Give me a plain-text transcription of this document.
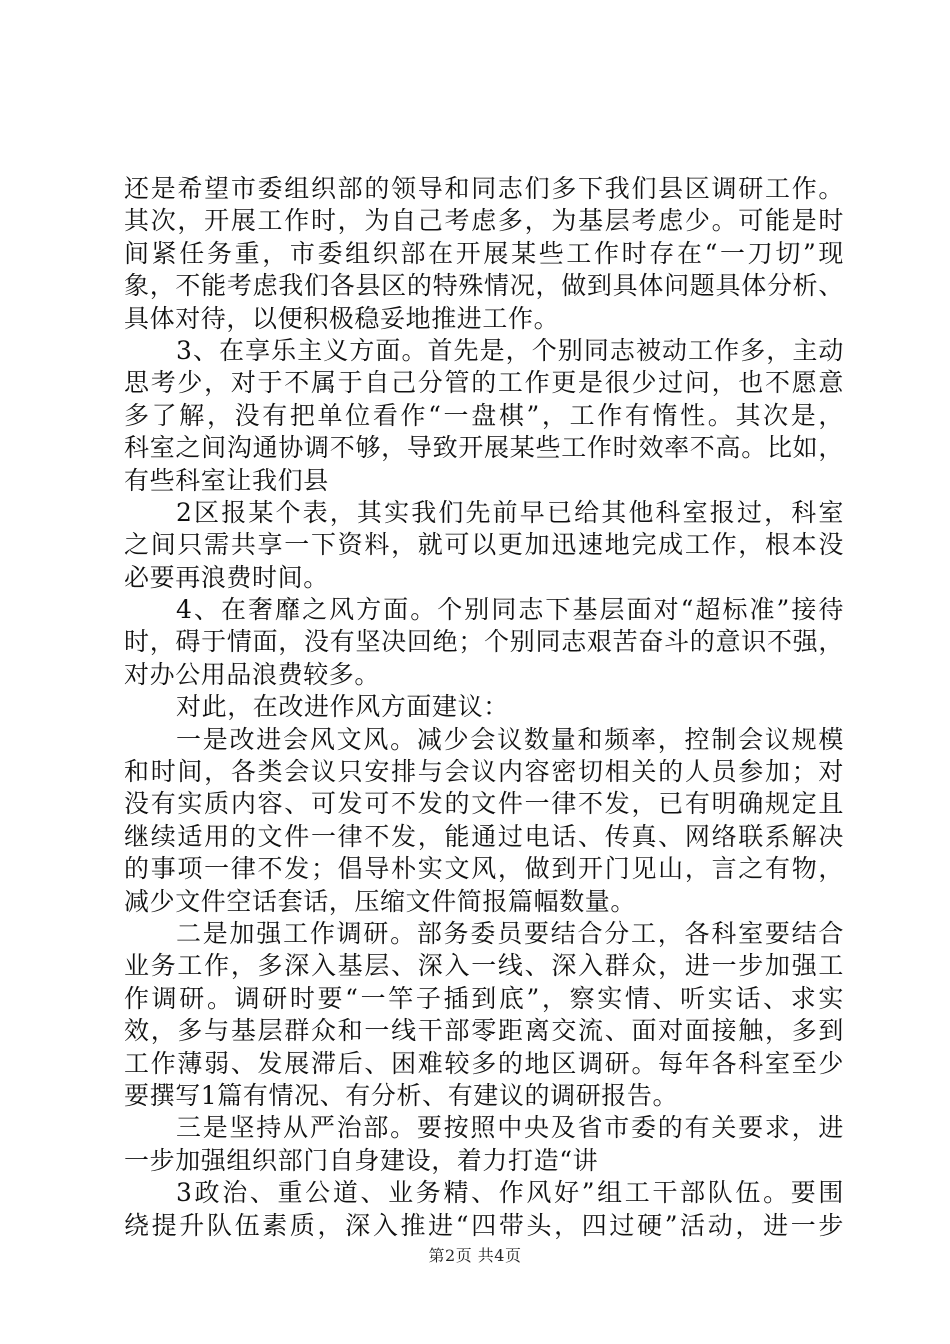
还是希望市委组织部的领导和同志们多下我们县区调研工作。
其次，开展工作时，为自己考虑多，为基层考虑少。可能是时
间紧任务重，市委组织部在开展某些工作时存在“一刀切”现
象，不能考虑我们各县区的特殊情况，做到具体问题具体分析、
具体对待，以便积极稳妥地推进工作。
3、在享乐主义方面。首先是，个别同志被动工作多，主动
思考少，对于不属于自己分管的工作更是很少过问，也不愿意
多了解，没有把单位看作“一盘棋”，工作有惰性。其次是，
科室之间沟通协调不够，导致开展某些工作时效率不高。比如，
有些科室让我们县
2区报某个表，其实我们先前早已给其他科室报过，科室
之间只需共享一下资料，就可以更加迅速地完成工作，根本没
必要再浪费时间。
4、在奢靡之风方面。个别同志下基层面对“超标准”接待
时，碍于情面，没有坚决回绝；个别同志艰苦奋斗的意识不强，
对办公用品浪费较多。
对此，在改进作风方面建议：
一是改进会风文风。减少会议数量和频率，控制会议规模
和时间，各类会议只安排与会议内容密切相关的人员参加；对
没有实质内容、可发可不发的文件一律不发，已有明确规定且
继续适用的文件一律不发，能通过电话、传真、网络联系解决
的事项一律不发；倡导朴实文风，做到开门见山，言之有物，
减少文件空话套话，压缩文件简报篇幅数量。
二是加强工作调研。部务委员要结合分工，各科室要结合
业务工作，多深入基层、深入一线、深入群众，进一步加强工
作调研。调研时要“一竿子插到底”，察实情、听实话、求实
效，多与基层群众和一线干部零距离交流、面对面接触，多到
工作薄弱、发展滞后、困难较多的地区调研。每年各科室至少
要撰写1篇有情况、有分析、有建议的调研报告。
三是坚持从严治部。要按照中央及省市委的有关要求，进
一步加强组织部门自身建设，着力打造“讲
3政治、重公道、业务精、作风好”组工干部队伍。要围
绕提升队伍素质，深入推进“四带头，四过硬”活动，进一步
第2页 共4页
